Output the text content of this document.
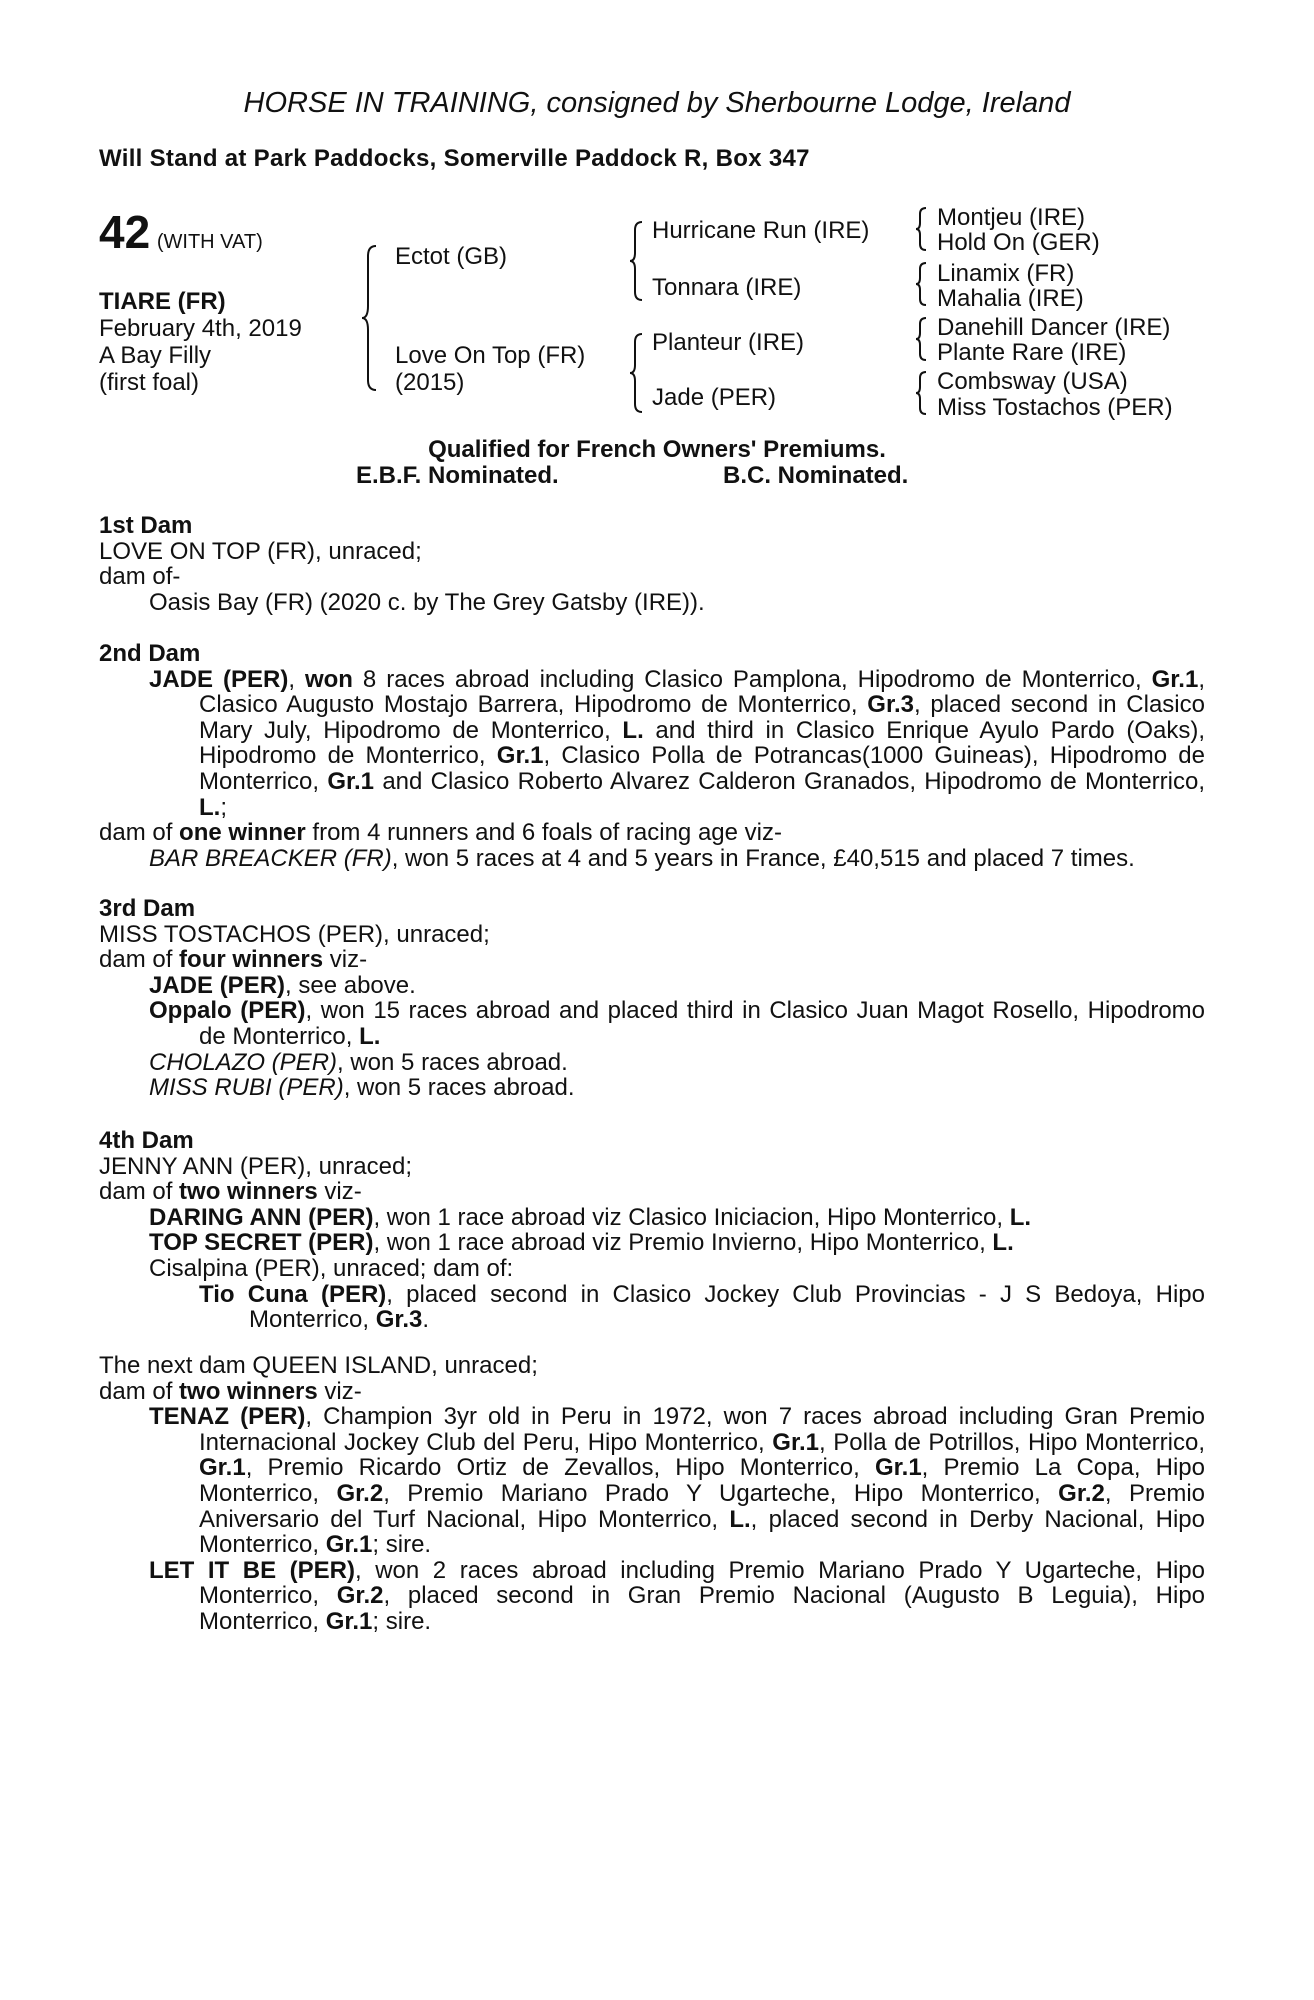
HORSE IN TRAINING, consigned by Sherbourne Lodge, Ireland
Will Stand at Park Paddocks, Somerville Paddock R, Box 347
42 (WITH VAT)
TIARE (FR)
February 4th, 2019
A Bay Filly
(first foal)
Ectot (GB)
Love On Top (FR)
(2015)
Hurricane Run (IRE)
Tonnara (IRE)
Planteur (IRE)
Jade (PER)
Montjeu (IRE)
Hold On (GER)
Linamix (FR)
Mahalia (IRE)
Danehill Dancer (IRE)
Plante Rare (IRE)
Combsway (USA)
Miss Tostachos (PER)
Qualified for French Owners' Premiums.
E.B.F. Nominated.	B.C. Nominated.
1st Dam
LOVE ON TOP (FR), unraced;
dam of-
Oasis Bay (FR) (2020 c. by The Grey Gatsby (IRE)).
2nd Dam
JADE (PER), won 8 races abroad including Clasico Pamplona, Hipodromo de Monterrico, Gr.1, Clasico Augusto Mostajo Barrera, Hipodromo de Monterrico, Gr.3, placed second in Clasico Mary July, Hipodromo de Monterrico, L. and third in Clasico Enrique Ayulo Pardo (Oaks), Hipodromo de Monterrico, Gr.1, Clasico Polla de Potrancas(1000 Guineas), Hipodromo de Monterrico, Gr.1 and Clasico Roberto Alvarez Calderon Granados, Hipodromo de Monterrico, L.;
dam of one winner from 4 runners and 6 foals of racing age viz-
BAR BREACKER (FR), won 5 races at 4 and 5 years in France, £40,515 and placed 7 times.
3rd Dam
MISS TOSTACHOS (PER), unraced;
dam of four winners viz-
JADE (PER), see above.
Oppalo (PER), won 15 races abroad and placed third in Clasico Juan Magot Rosello, Hipodromo de Monterrico, L.
CHOLAZO (PER), won 5 races abroad.
MISS RUBI (PER), won 5 races abroad.
4th Dam
JENNY ANN (PER), unraced;
dam of two winners viz-
DARING ANN (PER), won 1 race abroad viz Clasico Iniciacion, Hipo Monterrico, L.
TOP SECRET (PER), won 1 race abroad viz Premio Invierno, Hipo Monterrico, L.
Cisalpina (PER), unraced; dam of:
Tio Cuna (PER), placed second in Clasico Jockey Club Provincias - J S Bedoya, Hipo Monterrico, Gr.3.
The next dam QUEEN ISLAND, unraced;
dam of two winners viz-
TENAZ (PER), Champion 3yr old in Peru in 1972, won 7 races abroad including Gran Premio Internacional Jockey Club del Peru, Hipo Monterrico, Gr.1, Polla de Potrillos, Hipo Monterrico, Gr.1, Premio Ricardo Ortiz de Zevallos, Hipo Monterrico, Gr.1, Premio La Copa, Hipo Monterrico, Gr.2, Premio Mariano Prado Y Ugarteche, Hipo Monterrico, Gr.2, Premio Aniversario del Turf Nacional, Hipo Monterrico, L., placed second in Derby Nacional, Hipo Monterrico, Gr.1; sire.
LET IT BE (PER), won 2 races abroad including Premio Mariano Prado Y Ugarteche, Hipo Monterrico, Gr.2, placed second in Gran Premio Nacional (Augusto B Leguia), Hipo Monterrico, Gr.1; sire.
